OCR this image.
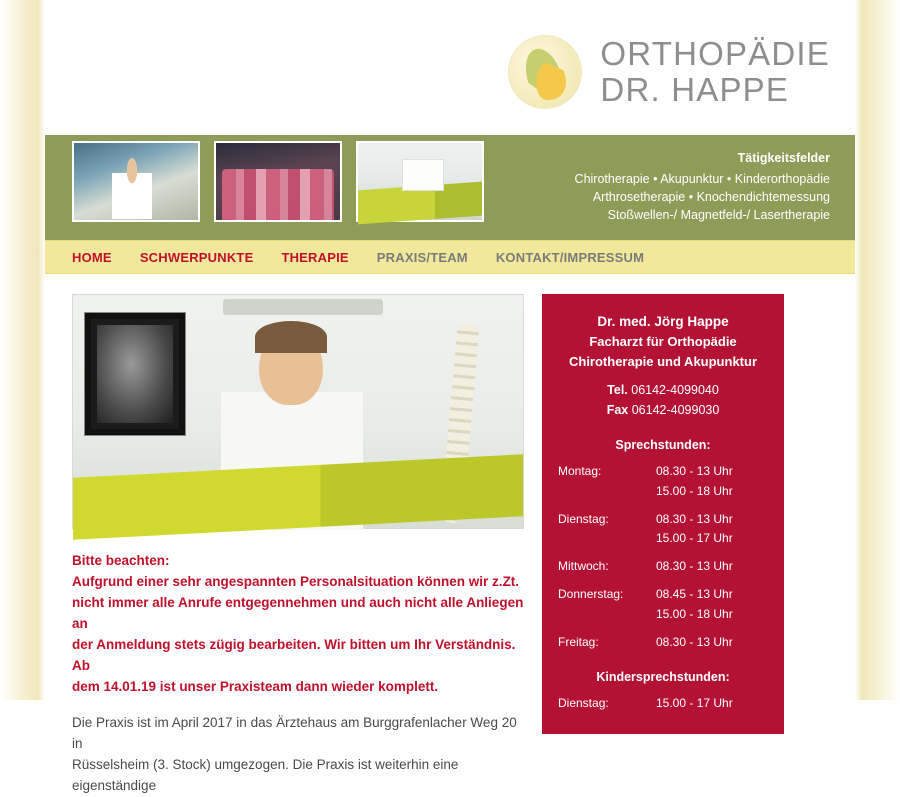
ORTHOPÄDIE
DR. HAPPE
Tätigkeitsfelder
Chirotherapie • Akupunktur • Kinderorthopädie
Arthrosetherapie • Knochendichtemessung
Stoßwellen-/ Magnetfeld-/ Lasertherapie
HOME SCHWERPUNKTE THERAPIE PRAXIS/TEAM KONTAKT/IMPRESSUM
Bitte beachten:
Aufgrund einer sehr angespannten Personalsituation können wir z.Zt.
nicht immer alle Anrufe entgegennehmen und auch nicht alle Anliegen an
der Anmeldung stets zügig bearbeiten. Wir bitten um Ihr Verständnis. Ab
dem 14.01.19 ist unser Praxisteam dann wieder komplett.
Die Praxis ist im April 2017 in das Ärztehaus am Burggrafenlacher Weg 20 in
Rüsselsheim (3. Stock) umgezogen. Die Praxis ist weiterhin eine eigenständige
Dr. med. Jörg Happe
Facharzt für Orthopädie
Chirotherapie und Akupunktur
Tel. 06142-4099040
Fax 06142-4099030
Sprechstunden:
Montag:	08.30 - 13 Uhr
15.00 - 18 Uhr
Dienstag:	08.30 - 13 Uhr
15.00 - 17 Uhr
Mittwoch:	08.30 - 13 Uhr
Donnerstag:	08.45 - 13 Uhr
15.00 - 18 Uhr
Freitag:	08.30 - 13 Uhr
Kindersprechstunden:
Dienstag:	15.00 - 17 Uhr
